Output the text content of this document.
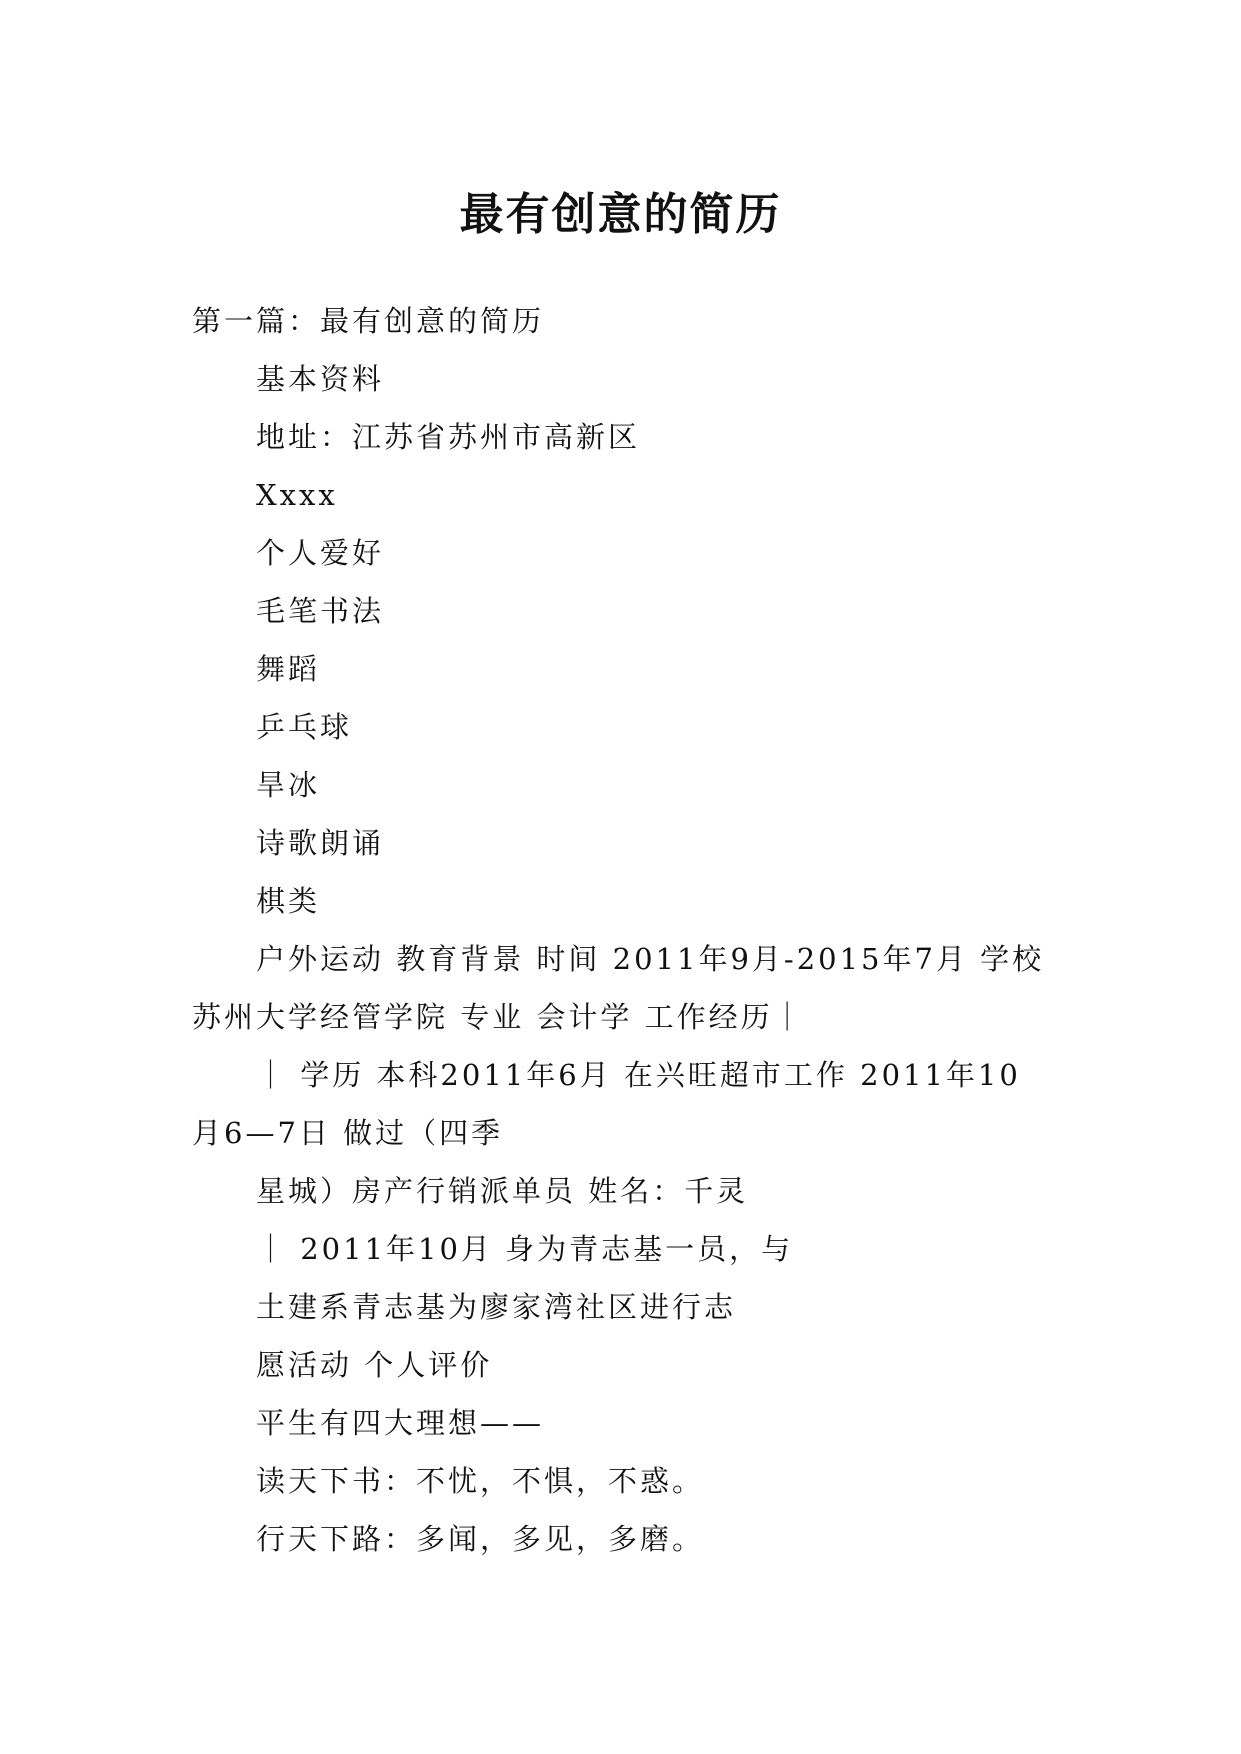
最有创意的简历
第一篇：最有创意的简历
基本资料
地址：江苏省苏州市高新区
Xxxx
个人爱好
毛笔书法
舞蹈
乒乓球
旱冰
诗歌朗诵
棋类
户外运动 教育背景 时间 2011年9月-2015年7月 学校 苏州大学经管学院 专业 会计学 工作经历｜
｜ 学历 本科2011年6月 在兴旺超市工作 2011年10月6—7日 做过（四季
星城）房产行销派单员 姓名：千灵
｜ 2011年10月 身为青志基一员，与
土建系青志基为廖家湾社区进行志
愿活动 个人评价
平生有四大理想——
读天下书：不忧，不惧，不惑。
行天下路：多闻，多见，多磨。
